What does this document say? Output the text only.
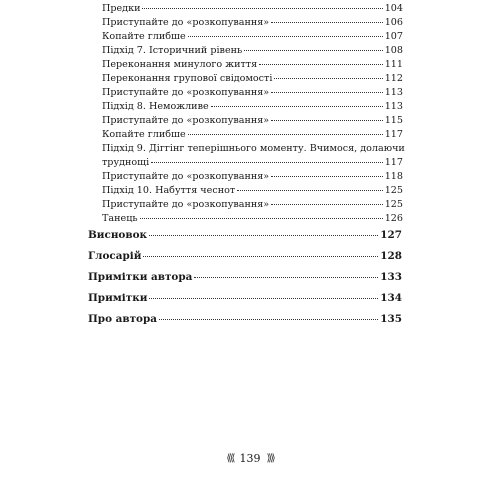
Предки	104
Приступайте до «розкопування»	106
Копайте глибше	107
Підхід 7. Історичний рівень	108
Переконання минулого життя	111
Переконання групової свідомості	112
Приступайте до «розкопування»	113
Підхід 8. Неможливе	113
Приступайте до «розкопування»	115
Копайте глибше	117
Підхід 9. Діггінг теперішнього моменту. Вчимося, долаючи
труднощі	117
Приступайте до «розкопування»	118
Підхід 10. Набуття чеснот	125
Приступайте до «розкопування»	125
Танець	126
Висновок	127
Глосарій	128
Примітки автора	133
Примітки	134
Про автора	135
⟪⟪ 139 ⟫⟫
